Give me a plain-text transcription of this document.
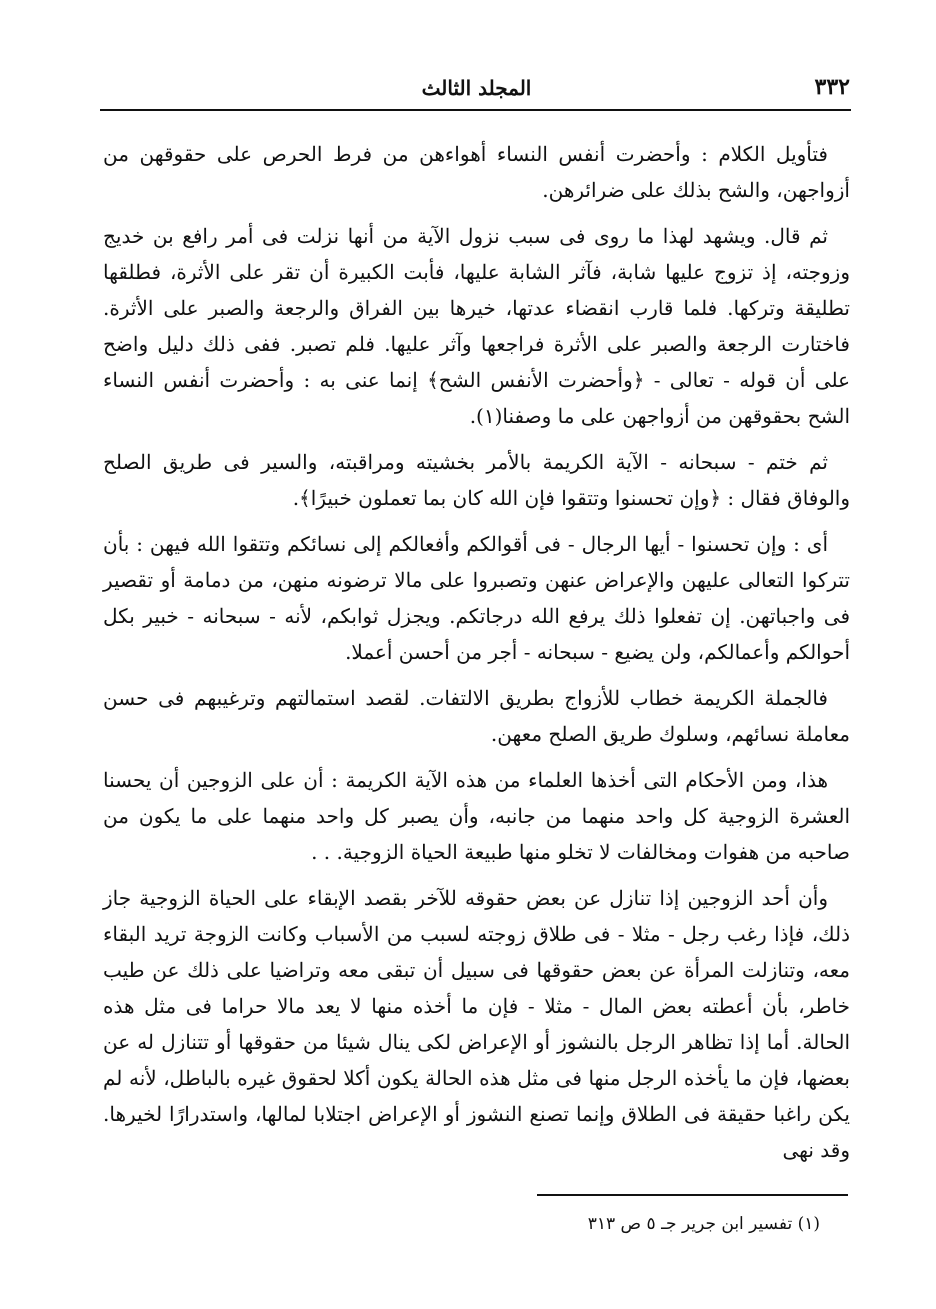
٣٣٢
المجلد الثالث

فتأويل الكلام : وأحضرت أنفس النساء أهواءهن من فرط الحرص على حقوقهن من أزواجهن، والشح بذلك على ضرائرهن.

ثم قال. ويشهد لهذا ما روى فى سبب نزول الآية من أنها نزلت فى أمر رافع بن خديج وزوجته، إذ تزوج عليها شابة، فآثر الشابة عليها، فأبت الكبيرة أن تقر على الأثرة، فطلقها تطليقة وتركها. فلما قارب انقضاء عدتها، خيرها بين الفراق والرجعة والصبر على الأثرة. فاختارت الرجعة والصبر على الأثرة فراجعها وآثر عليها. فلم تصبر. ففى ذلك دليل واضح على أن قوله - تعالى - ﴿وأحضرت الأنفس الشح﴾ إنما عنى به : وأحضرت أنفس النساء الشح بحقوقهن من أزواجهن على ما وصفنا(١).

ثم ختم - سبحانه - الآية الكريمة بالأمر بخشيته ومراقبته، والسير فى طريق الصلح والوفاق فقال : ﴿وإن تحسنوا وتتقوا فإن الله كان بما تعملون خبيرًا﴾.

أى : وإن تحسنوا - أيها الرجال - فى أقوالكم وأفعالكم إلى نسائكم وتتقوا الله فيهن : بأن تتركوا التعالى عليهن والإعراض عنهن وتصبروا على مالا ترضونه منهن، من دمامة أو تقصير فى واجباتهن. إن تفعلوا ذلك يرفع الله درجاتكم. ويجزل ثوابكم، لأنه - سبحانه - خبير بكل أحوالكم وأعمالكم، ولن يضيع - سبحانه - أجر من أحسن أعملا.

فالجملة الكريمة خطاب للأزواج بطريق الالتفات. لقصد استمالتهم وترغيبهم فى حسن معاملة نسائهم، وسلوك طريق الصلح معهن.

هذا، ومن الأحكام التى أخذها العلماء من هذه الآية الكريمة : أن على الزوجين أن يحسنا العشرة الزوجية كل واحد منهما من جانبه، وأن يصبر كل واحد منهما على ما يكون من صاحبه من هفوات ومخالفات لا تخلو منها طبيعة الحياة الزوجية. . .

وأن أحد الزوجين إذا تنازل عن بعض حقوقه للآخر بقصد الإبقاء على الحياة الزوجية جاز ذلك، فإذا رغب رجل - مثلا - فى طلاق زوجته لسبب من الأسباب وكانت الزوجة تريد البقاء معه، وتنازلت المرأة عن بعض حقوقها فى سبيل أن تبقى معه وتراضيا على ذلك عن طيب خاطر، بأن أعطته بعض المال - مثلا - فإن ما أخذه منها لا يعد مالا حراما فى مثل هذه الحالة. أما إذا تظاهر الرجل بالنشوز أو الإعراض لكى ينال شيئا من حقوقها أو تتنازل له عن بعضها، فإن ما يأخذه الرجل منها فى مثل هذه الحالة يكون أكلا لحقوق غيره بالباطل، لأنه لم يكن راغبا حقيقة فى الطلاق وإنما تصنع النشوز أو الإعراض اجتلابا لمالها، واستدرارًا لخيرها. وقد نهى

(١) تفسير ابن جرير جـ ٥ ص ٣١٣
